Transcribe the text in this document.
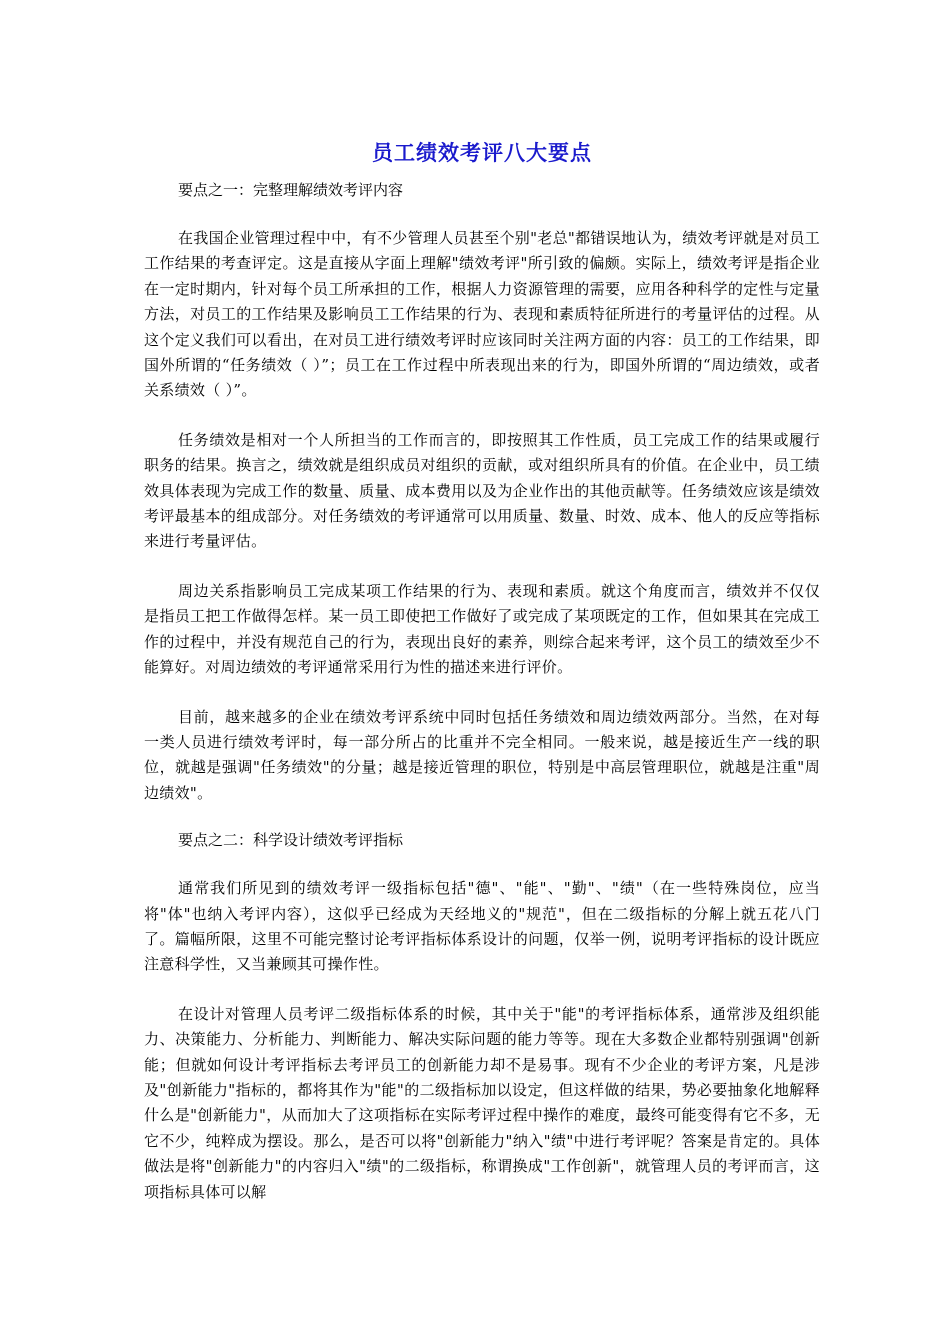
员工绩效考评八大要点

要点之一：完整理解绩效考评内容

在我国企业管理过程中中，有不少管理人员甚至个别"老总"都错误地认为，绩效考评就是对员工工作结果的考查评定。这是直接从字面上理解"绩效考评"所引致的偏颇。实际上，绩效考评是指企业在一定时期内，针对每个员工所承担的工作，根据人力资源管理的需要，应用各种科学的定性与定量方法，对员工的工作结果及影响员工工作结果的行为、表现和素质特征所进行的考量评估的过程。从这个定义我们可以看出，在对员工进行绩效考评时应该同时关注两方面的内容：员工的工作结果，即国外所谓的“任务绩效（ ）”；员工在工作过程中所表现出来的行为，即国外所谓的“周边绩效，或者关系绩效（ ）”。

任务绩效是相对一个人所担当的工作而言的，即按照其工作性质，员工完成工作的结果或履行职务的结果。换言之，绩效就是组织成员对组织的贡献，或对组织所具有的价值。在企业中，员工绩效具体表现为完成工作的数量、质量、成本费用以及为企业作出的其他贡献等。任务绩效应该是绩效考评最基本的组成部分。对任务绩效的考评通常可以用质量、数量、时效、成本、他人的反应等指标来进行考量评估。

周边关系指影响员工完成某项工作结果的行为、表现和素质。就这个角度而言，绩效并不仅仅是指员工把工作做得怎样。某一员工即使把工作做好了或完成了某项既定的工作，但如果其在完成工作的过程中，并没有规范自己的行为，表现出良好的素养，则综合起来考评，这个员工的绩效至少不能算好。对周边绩效的考评通常采用行为性的描述来进行评价。

目前，越来越多的企业在绩效考评系统中同时包括任务绩效和周边绩效两部分。当然，在对每一类人员进行绩效考评时，每一部分所占的比重并不完全相同。一般来说，越是接近生产一线的职位，就越是强调"任务绩效"的分量；越是接近管理的职位，特别是中高层管理职位，就越是注重"周边绩效"。

要点之二：科学设计绩效考评指标

通常我们所见到的绩效考评一级指标包括"德"、"能"、"勤"、"绩"（在一些特殊岗位，应当将"体"也纳入考评内容），这似乎已经成为天经地义的"规范"，但在二级指标的分解上就五花八门了。篇幅所限，这里不可能完整讨论考评指标体系设计的问题，仅举一例，说明考评指标的设计既应注意科学性，又当兼顾其可操作性。

在设计对管理人员考评二级指标体系的时候，其中关于"能"的考评指标体系，通常涉及组织能力、决策能力、分析能力、判断能力、解决实际问题的能力等等。现在大多数企业都特别强调"创新能；但就如何设计考评指标去考评员工的创新能力却不是易事。现有不少企业的考评方案，凡是涉及"创新能力"指标的，都将其作为"能"的二级指标加以设定，但这样做的结果，势必要抽象化地解释什么是"创新能力"，从而加大了这项指标在实际考评过程中操作的难度，最终可能变得有它不多，无它不少，纯粹成为摆设。那么，是否可以将"创新能力"纳入"绩"中进行考评呢？答案是肯定的。具体做法是将"创新能力"的内容归入"绩"的二级指标，称谓换成"工作创新"，就管理人员的考评而言，这项指标具体可以解
